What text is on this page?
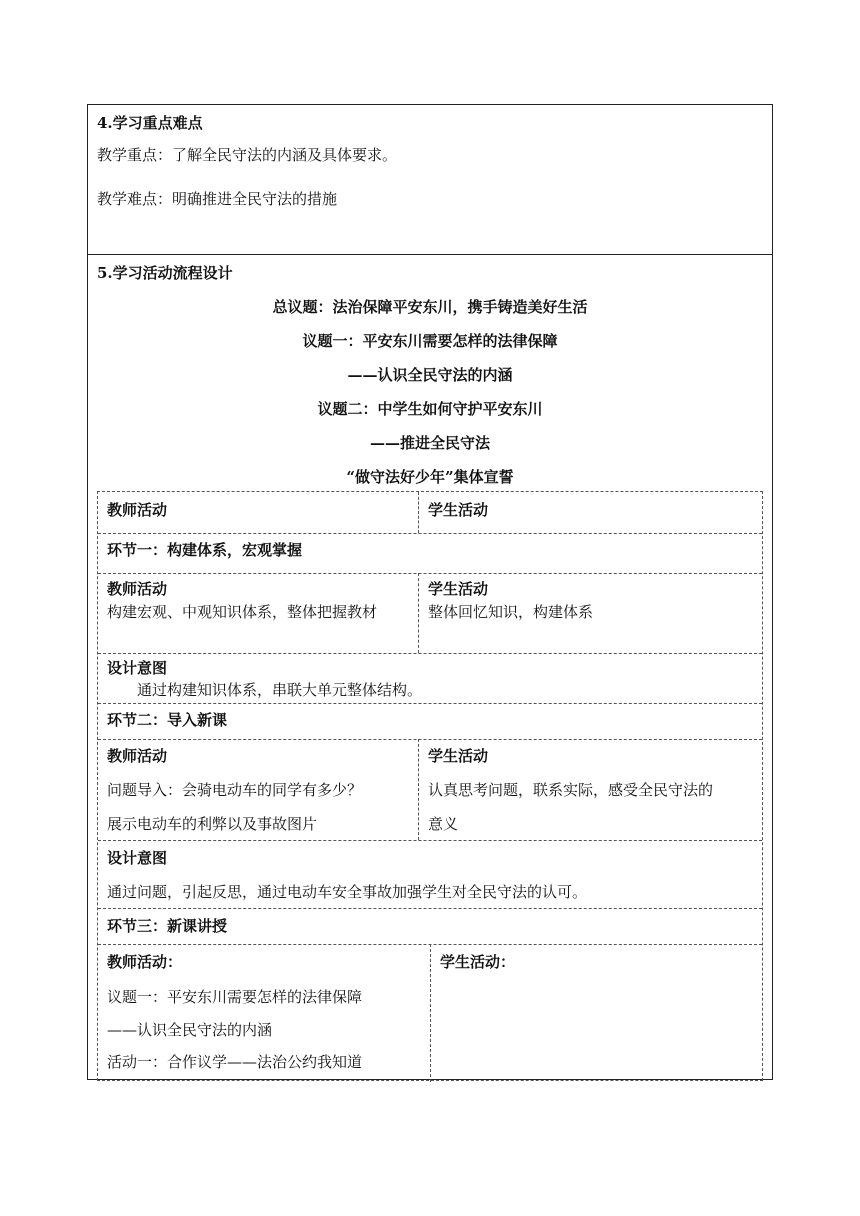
4.学习重点难点
教学重点：了解全民守法的内涵及具体要求。
教学难点：明确推进全民守法的措施
5.学习活动流程设计
总议题：法治保障平安东川，携手铸造美好生活
议题一：平安东川需要怎样的法律保障
——认识全民守法的内涵
议题二：中学生如何守护平安东川
——推进全民守法
“做守法好少年”集体宣誓
教师活动	学生活动
环节一：构建体系，宏观掌握
教师活动
构建宏观、中观知识体系，整体把握教材
学生活动
整体回忆知识，构建体系
设计意图
通过构建知识体系，串联大单元整体结构。
环节二：导入新课
教师活动
问题导入：会骑电动车的同学有多少？
展示电动车的利弊以及事故图片
学生活动
认真思考问题，联系实际，感受全民守法的
意义
设计意图
通过问题，引起反思，通过电动车安全事故加强学生对全民守法的认可。
环节三：新课讲授
教师活动：
议题一：平安东川需要怎样的法律保障
——认识全民守法的内涵
活动一：合作议学——法治公约我知道
学生活动：
